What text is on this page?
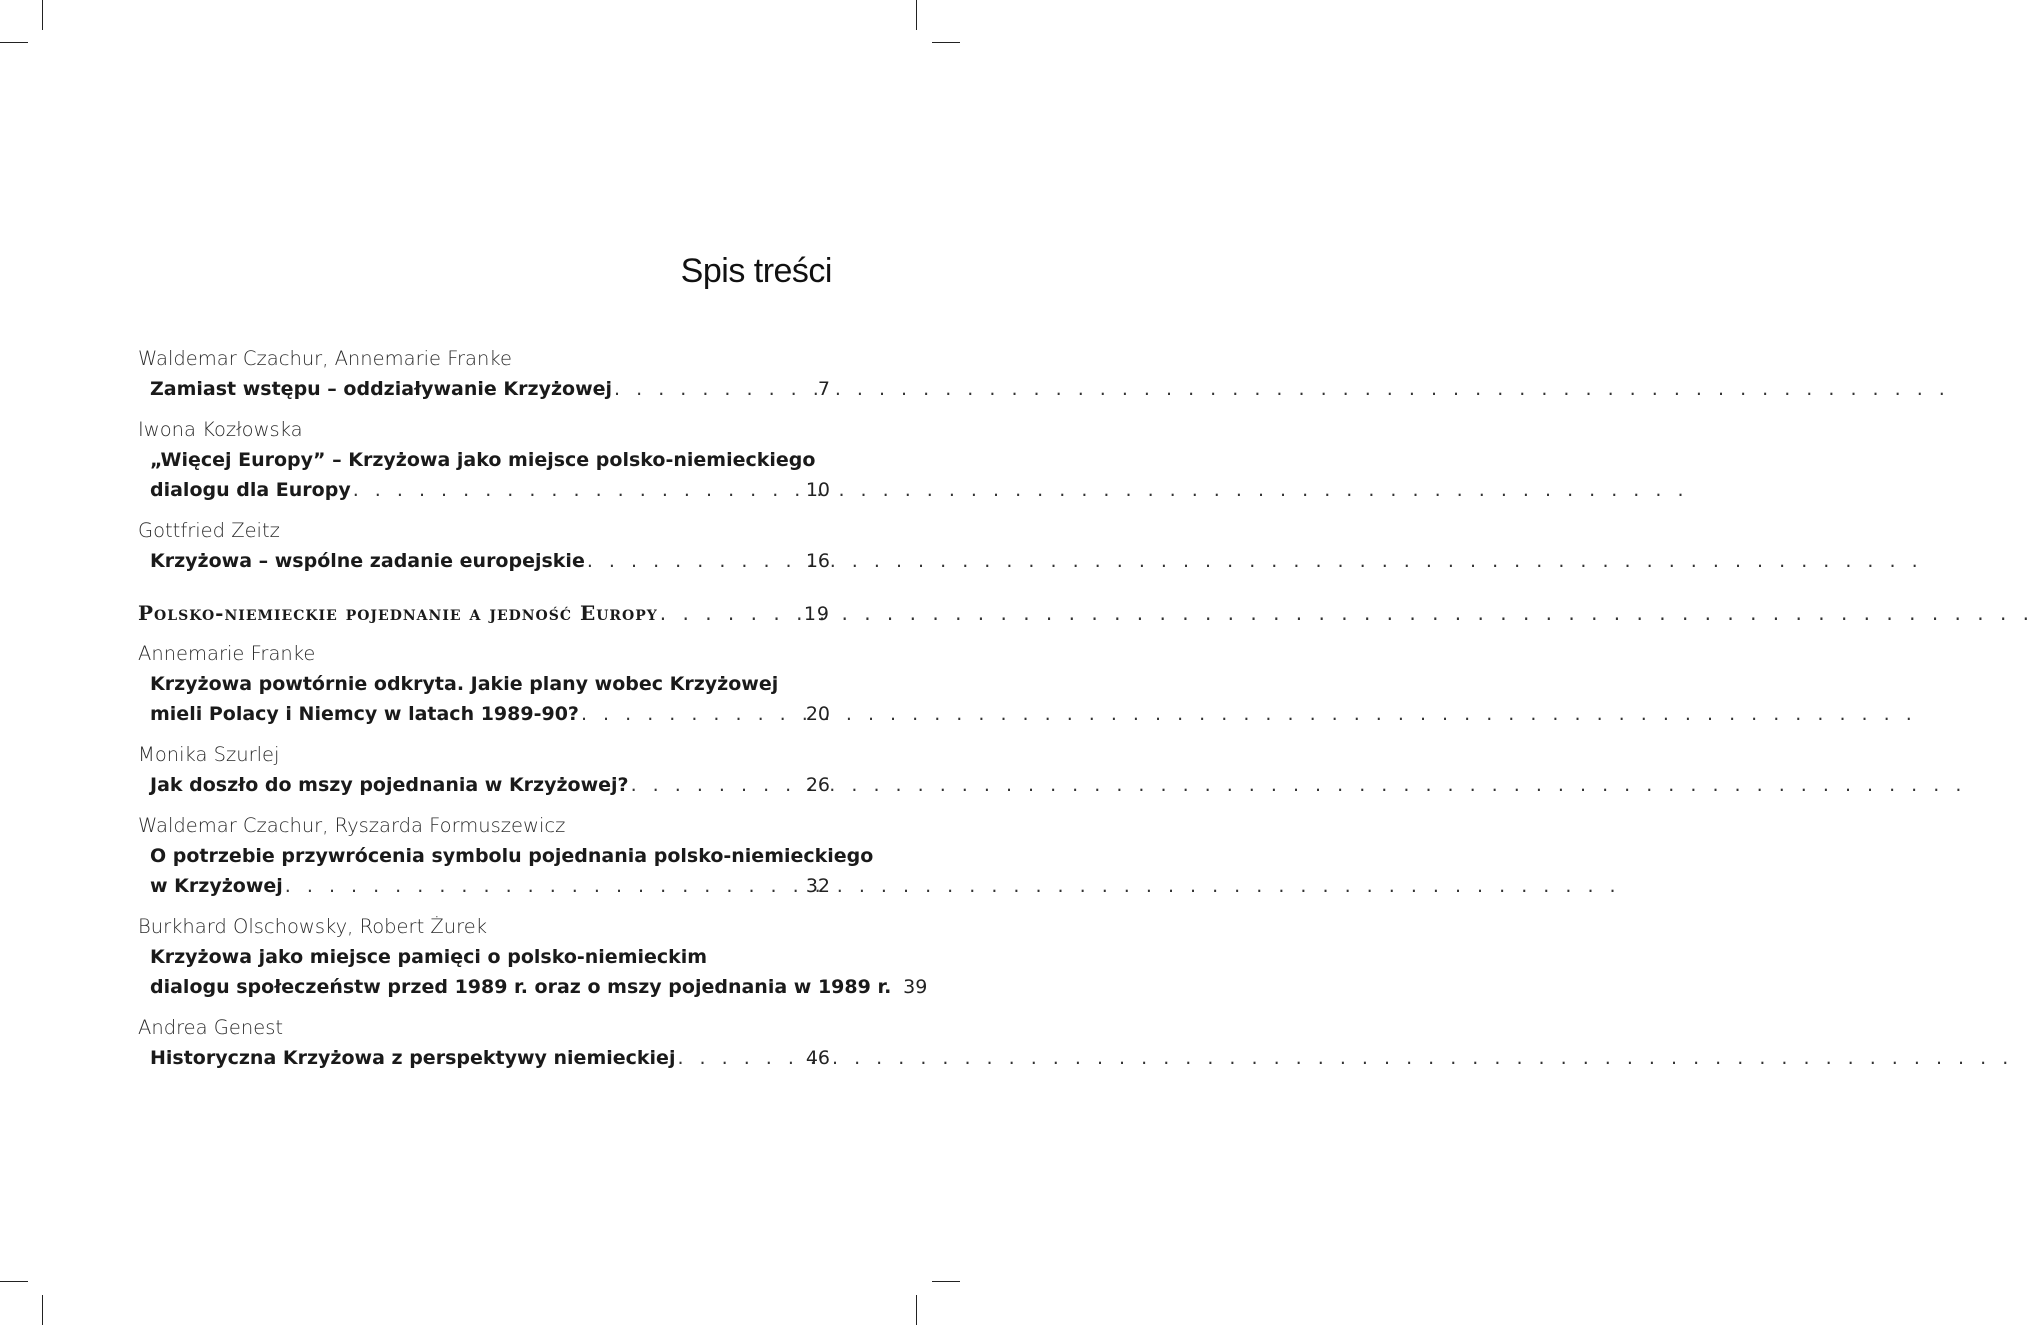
Spis treści
Waldemar Czachur, Annemarie Franke
Zamiast wstępu – oddziaływanie Krzyżowej . . .	7
Iwona Kozłowska
„Więcej Europy” – Krzyżowa jako miejsce polsko-niemieckiego
dialogu dla Europy . . .	10
Gottfried Zeitz
Krzyżowa – wspólne zadanie europejskie . . .	16
Polsko-niemieckie pojednanie a jedność Europy . . .	19
Annemarie Franke
Krzyżowa powtórnie odkryta. Jakie plany wobec Krzyżowej
mieli Polacy i Niemcy w latach 1989-90? . . .	20
Monika Szurlej
Jak doszło do mszy pojednania w Krzyżowej? . . .	26
Waldemar Czachur, Ryszarda Formuszewicz
O potrzebie przywrócenia symbolu pojednania polsko-niemieckiego
w Krzyżowej . . .	32
Burkhard Olschowsky, Robert Żurek
Krzyżowa jako miejsce pamięci o polsko-niemieckim
dialogu społeczeństw przed 1989 r. oraz o mszy pojednania w 1989 r. . . . 39
Andrea Genest
Historyczna Krzyżowa z perspektywy niemieckiej . . .	46
